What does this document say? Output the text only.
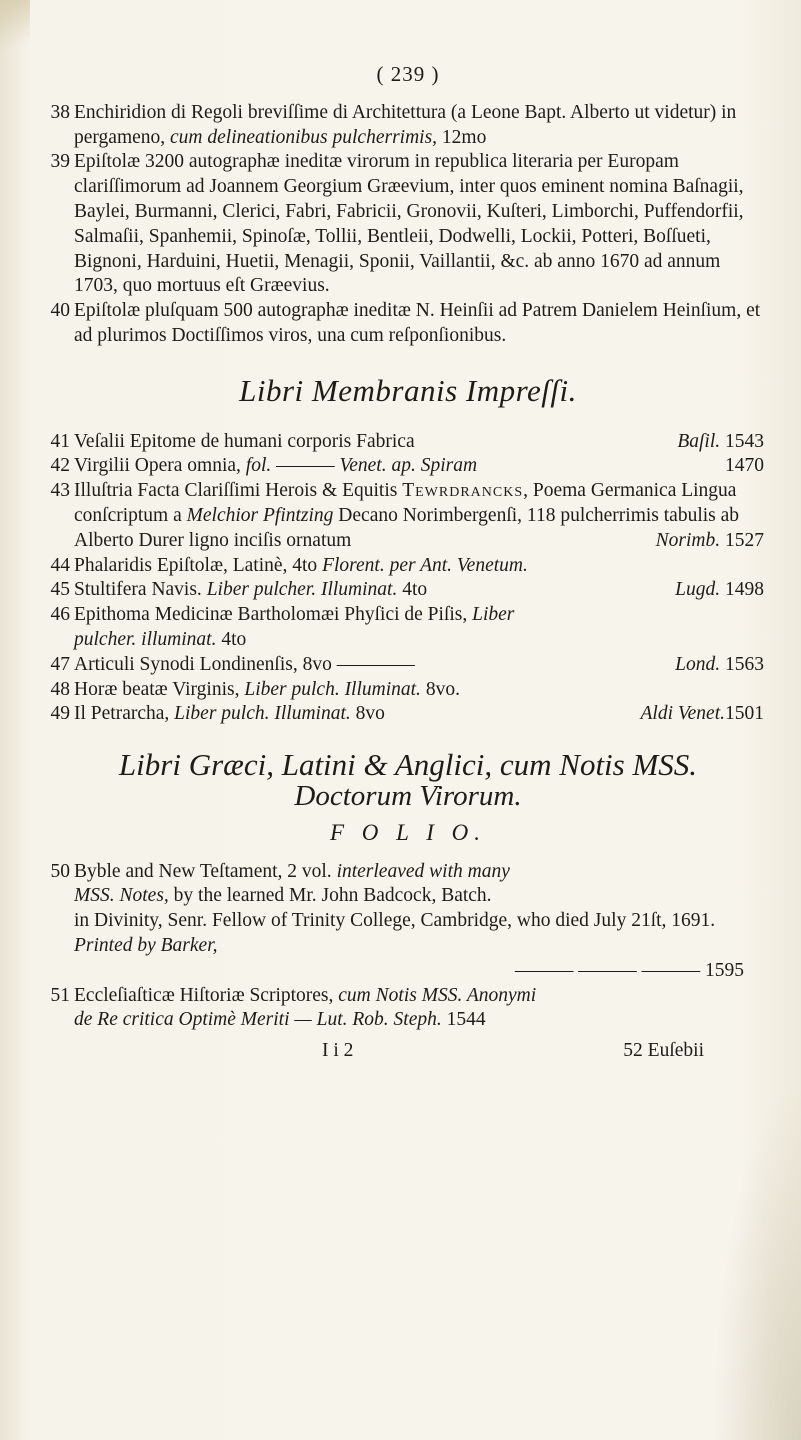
( 239 )
38 Enchiridion di Regoli breviſſime di Architettura (a Leone Bapt. Alberto ut videtur) in pergameno, cum delineationibus pulcherrimis, 12mo

39 Epiſtolæ 3200 autographæ ineditæ virorum in republica literaria per Europam clariſſimorum ad Joannem Georgium Græevium, inter quos eminent nomina Baſnagii, Baylei, Burmanni, Clerici, Fabri, Fabricii, Gronovii, Kuſteri, Limborchi, Puffendorfii, Salmaſii, Spanhemii, Spinoſæ, Tollii, Bentleii, Dodwelli, Lockii, Potteri, Boſſueti, Bignoni, Harduini, Huetii, Menagii, Sponii, Vaillantii, &c. ab anno 1670 ad annum 1703, quo mortuus eſt Græevius.

40 Epiſtolæ pluſquam 500 autographæ ineditæ N. Heinſii ad Patrem Danielem Heinſium, et ad plurimos Doctiſſimos viros, una cum reſponſionibus.

Libri Membranis Impreſſi.
41 Veſalii Epitome de humani corporis Fabrica	Baſil. 1543
42 Virgilii Opera omnia, fol. ——— Venet. ap. Spiram	1470
43 Illuſtria Facta Clariſſimi Herois & Equitis Tewrdrancks, Poema Germanica Lingua conſcriptum a Melchior Pfintzing Decano Norimbergenſi, 118 pulcherrimis tabulis ab

Alberto Durer ligno inciſis ornatum	Norimb. 1527
44 Phalaridis Epiſtolæ, Latinè, 4to Florent. per Ant. Venetum.

45 Stultifera Navis. Liber pulcher. Illuminat. 4to	Lugd. 1498
46 Epithoma Medicinæ Bartholomæi Phyſici de Piſis, Liber

pulcher. illuminat. 4to

47 Articuli Synodi Londinenſis, 8vo ————	Lond. 1563
48 Horæ beatæ Virginis, Liber pulch. Illuminat. 8vo.

49 Il Petrarcha, Liber pulch. Illuminat. 8vo	Aldi Venet.1501
Libri Græci, Latini & Anglici, cum Notis MSS.
Doctorum Virorum.
F O L I O.
50 Byble and New Teſtament, 2 vol. interleaved with many

MSS. Notes, by the learned Mr. John Badcock, Batch.

in Divinity, Senr. Fellow of Trinity College, Cambridge, who died July 21ſt, 1691.

Printed by Barker,

——— ——— ——— 1595
51 Eccleſiaſticæ Hiſtoriæ Scriptores, cum Notis MSS. Anonymi

de Re critica Optimè Meriti — Lut. Rob. Steph. 1544

I i 2	52 Euſebii
